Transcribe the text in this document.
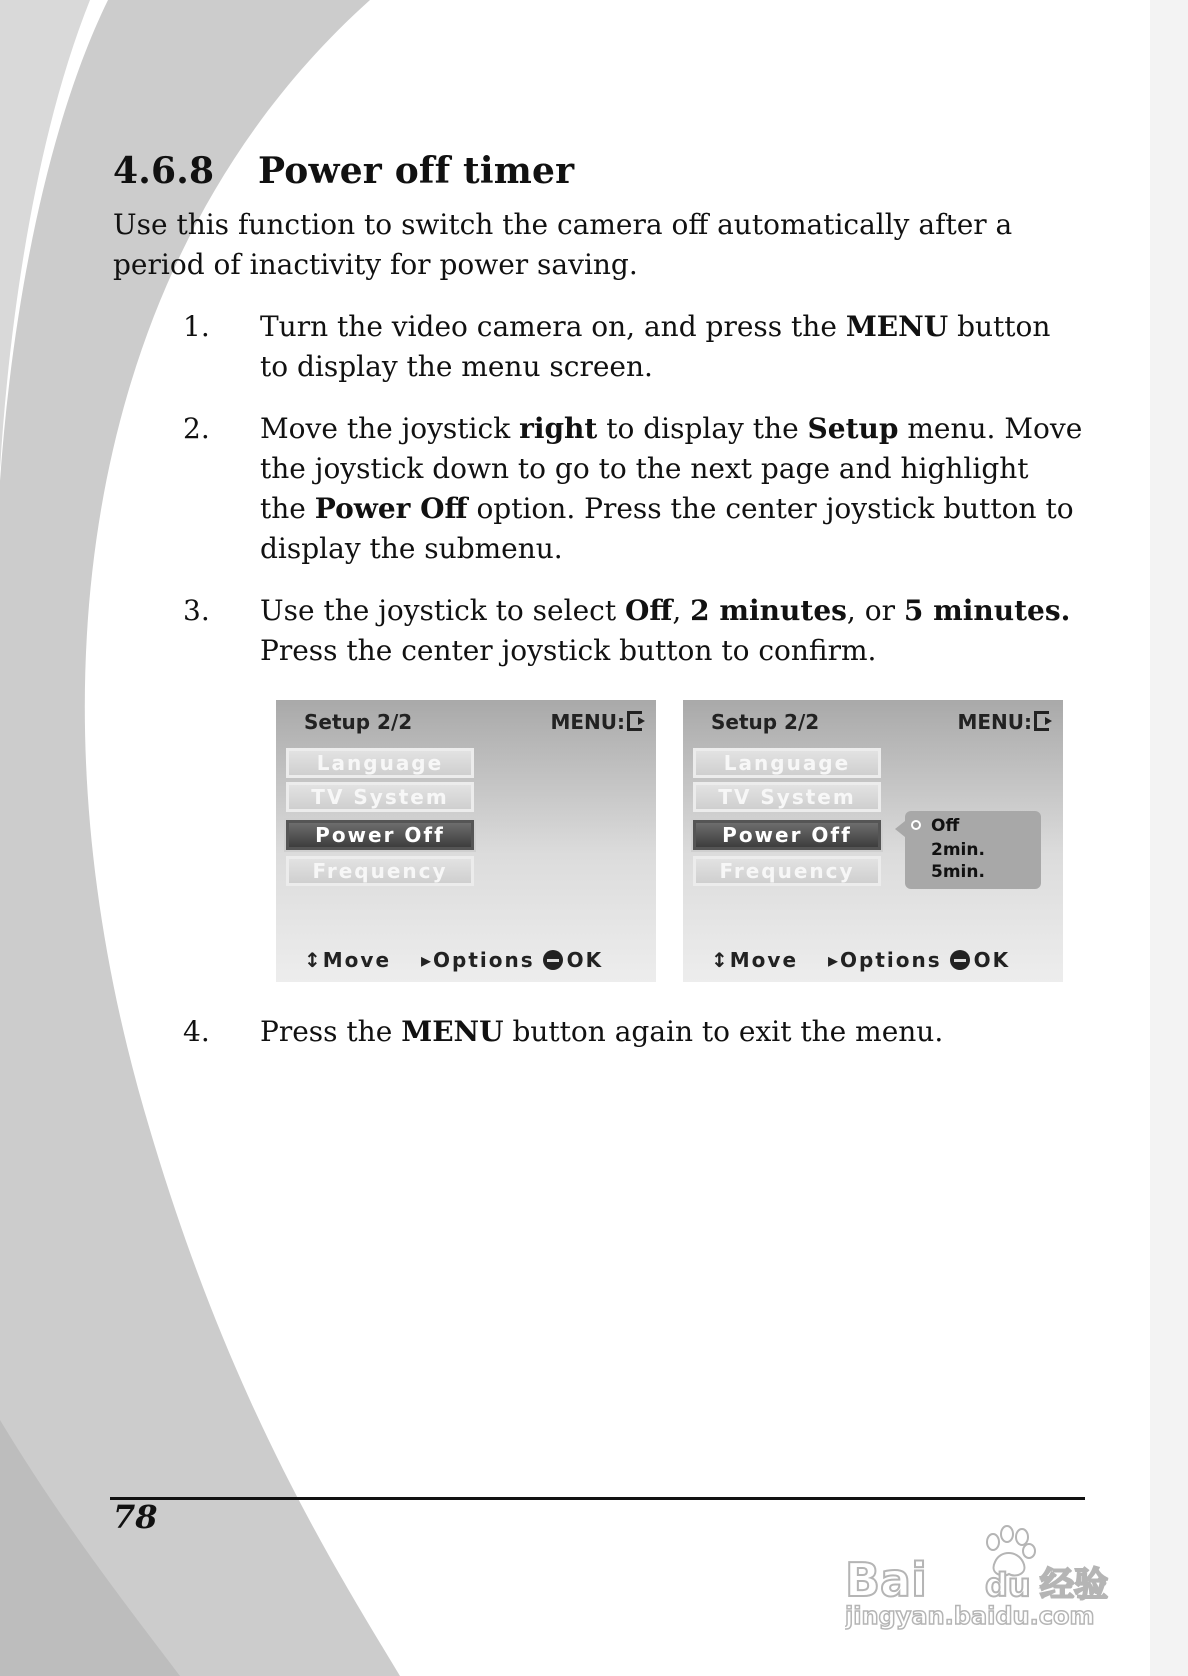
4.6.8 Power off timer
Use this function to switch the camera off automatically after a period of inactivity for power saving.
1.	Turn the video camera on, and press the MENU button to display the menu screen.
2.	Move the joystick right to display the Setup menu. Move the joystick down to go to the next page and highlight the Power Off option. Press the center joystick button to display the submenu.
3.	Use the joystick to select Off, 2 minutes, or 5 minutes. Press the center joystick button to confirm.
Setup 2/2	MENU:
Language
TV System
Power Off
Frequency
↕Move ▸Options OK
Setup 2/2	MENU:
Language
TV System
Power Off
Frequency
Off
2min.
5min.
↕Move ▸Options OK
4.	Press the MENU button again to exit the menu.
78
Bai du 经验
jingyan.baidu.com
